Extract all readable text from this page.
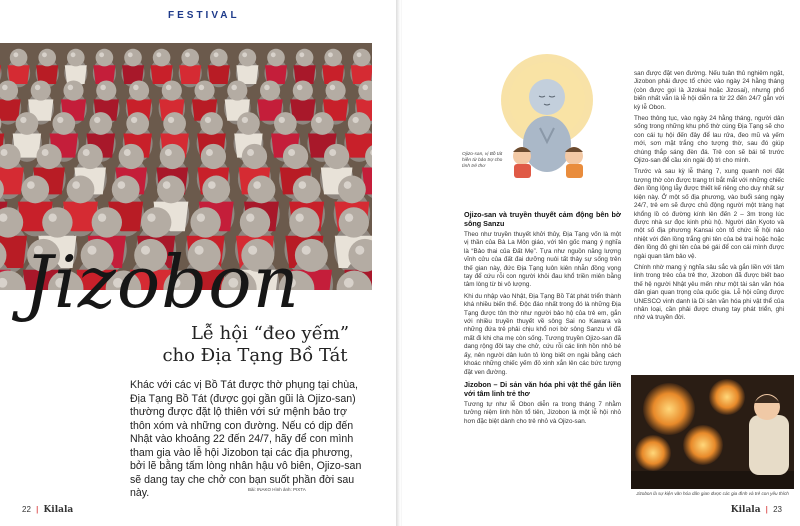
FESTIVAL
Jizobon
Lễ hội “đeo yếm”
cho Địa Tạng Bồ Tát
Khác với các vị Bồ Tát được thờ phụng tại chùa, Địa Tạng Bồ Tát (được gọi gần gũi là Ojizo-san) thường được đặt lộ thiên với sứ mệnh bảo trợ thôn xóm và những con đường. Nếu có dịp đến Nhật vào khoảng 22 đến 24/7, hãy để con mình tham gia vào lễ hội Jizobon tại các địa phương, bởi lẽ bằng tấm lòng nhân hậu vô biên, Ojizo-san sẽ dang tay che chở con bạn suốt phần đời sau này.	Bài: INAKO Hình ảnh: PIXTA
22 | Kilala
Ojizo-san, vị Bồ tát hiền từ bảo trợ cho tình trẻ thơ

Ojizo-san và truyền thuyết cảm động bên bờ sông Sanzu

Theo như truyền thuyết khởi thủy, Địa Tạng vốn là một vị thần của Bà La Môn giáo, với tên gốc mang ý nghĩa là “Bảo thai của Đất Mẹ”. Tựa như nguồn năng lượng vĩnh cửu của đất đai dưỡng nuôi tất thảy sự sống trên thế gian này, đức Địa Tạng luôn kiên nhẫn đồng vọng tay để cứu rỗi con người khỏi đau khổ triền miên bằng tâm lòng từ bi vô lượng.

Khi du nhập vào Nhật, Địa Tạng Bồ Tát phát triển thành khá nhiều biến thể. Độc đáo nhất trong đó là những Địa Tạng được tôn thờ như người bảo hộ của trẻ em, gắn với nhiều truyền thuyết về sông Sai no Kawara và những đứa trẻ phải chịu khổ nơi bờ sông Sanzu vì đã mất đi khi cha mẹ còn sống. Tương truyền Ojizo-san đã dang rộng đôi tay che chở, cứu rỗi các linh hồn nhỏ bé ấy, nên người dân luôn tỏ lòng biết ơn ngài bằng cách khoác những chiếc yếm đỏ xinh xắn lên các bức tượng đặt ven đường.

Jizobon – Di sản văn hóa phi vật thể gắn liền với tâm linh trẻ thơ

Tương tự như lễ Obon diễn ra trong tháng 7 nhằm tưởng niệm linh hồn tổ tiên, Jizobon là một lễ hội nhỏ hơn đặc biệt dành cho trẻ nhỏ và Ojizo-san.

san được đặt ven đường. Nếu tuân thủ nghiêm ngặt, Jizobon phải được tổ chức vào ngày 24 hằng tháng (còn được gọi là Jizokai hoặc Jizosai), nhưng phổ biến nhất vẫn là lễ hội diễn ra từ 22 đến 24/7 gắn với kỳ lễ Obon.

Theo thông tục, vào ngày 24 hằng tháng, người dân sống trong những khu phố thờ cúng Địa Tạng sẽ cho con cái tụ hội đến đây để lau rửa, đeo mũ và yếm mới, sơn mặt trắng cho tượng thờ, sau đó giúp chúng thắp sáng đèn đá. Trẻ con sẽ bái tế trước Ojizo-san để cầu xin ngài độ trì cho mình.

Trước và sau kỳ lễ tháng 7, xung quanh nơi đặt tượng thờ còn được trang trí bắt mắt với những chiếc đèn lồng lộng lẫy được thiết kế riêng cho duy nhất sự kiện này. Ở một số địa phương, vào buổi sáng ngày 24/7, trẻ em sẽ được chủ động người một tràng hạt khổng lồ có đường kính lên đến 2 – 3m trong lúc được nhà sư đọc kinh phù hộ. Người dân Kyoto và một số địa phương Kansai còn tổ chức lễ hội náo nhiệt với đèn lồng trắng ghi tên của bé trai hoặc hoặc đèn lồng đỏ ghi tên của bé gái để con cái mình được ngài quan tâm bảo vệ.

Chính nhờ mang ý nghĩa sâu sắc và gắn liền với tâm linh trong trẻo của trẻ thơ, Jizobon đã được biết bao thế hệ người Nhật yêu mến như một tài sản văn hóa dân gian quan trọng của quốc gia. Lễ hội cũng được UNESCO vinh danh là Di sản văn hóa phi vật thể của nhân loại, cần phải được chung tay phát triển, ghi nhớ và truyền đời.

Jizobon là sự kiện văn hóa dân gian được các gia đình và trẻ con yêu thích
Kilala | 23
